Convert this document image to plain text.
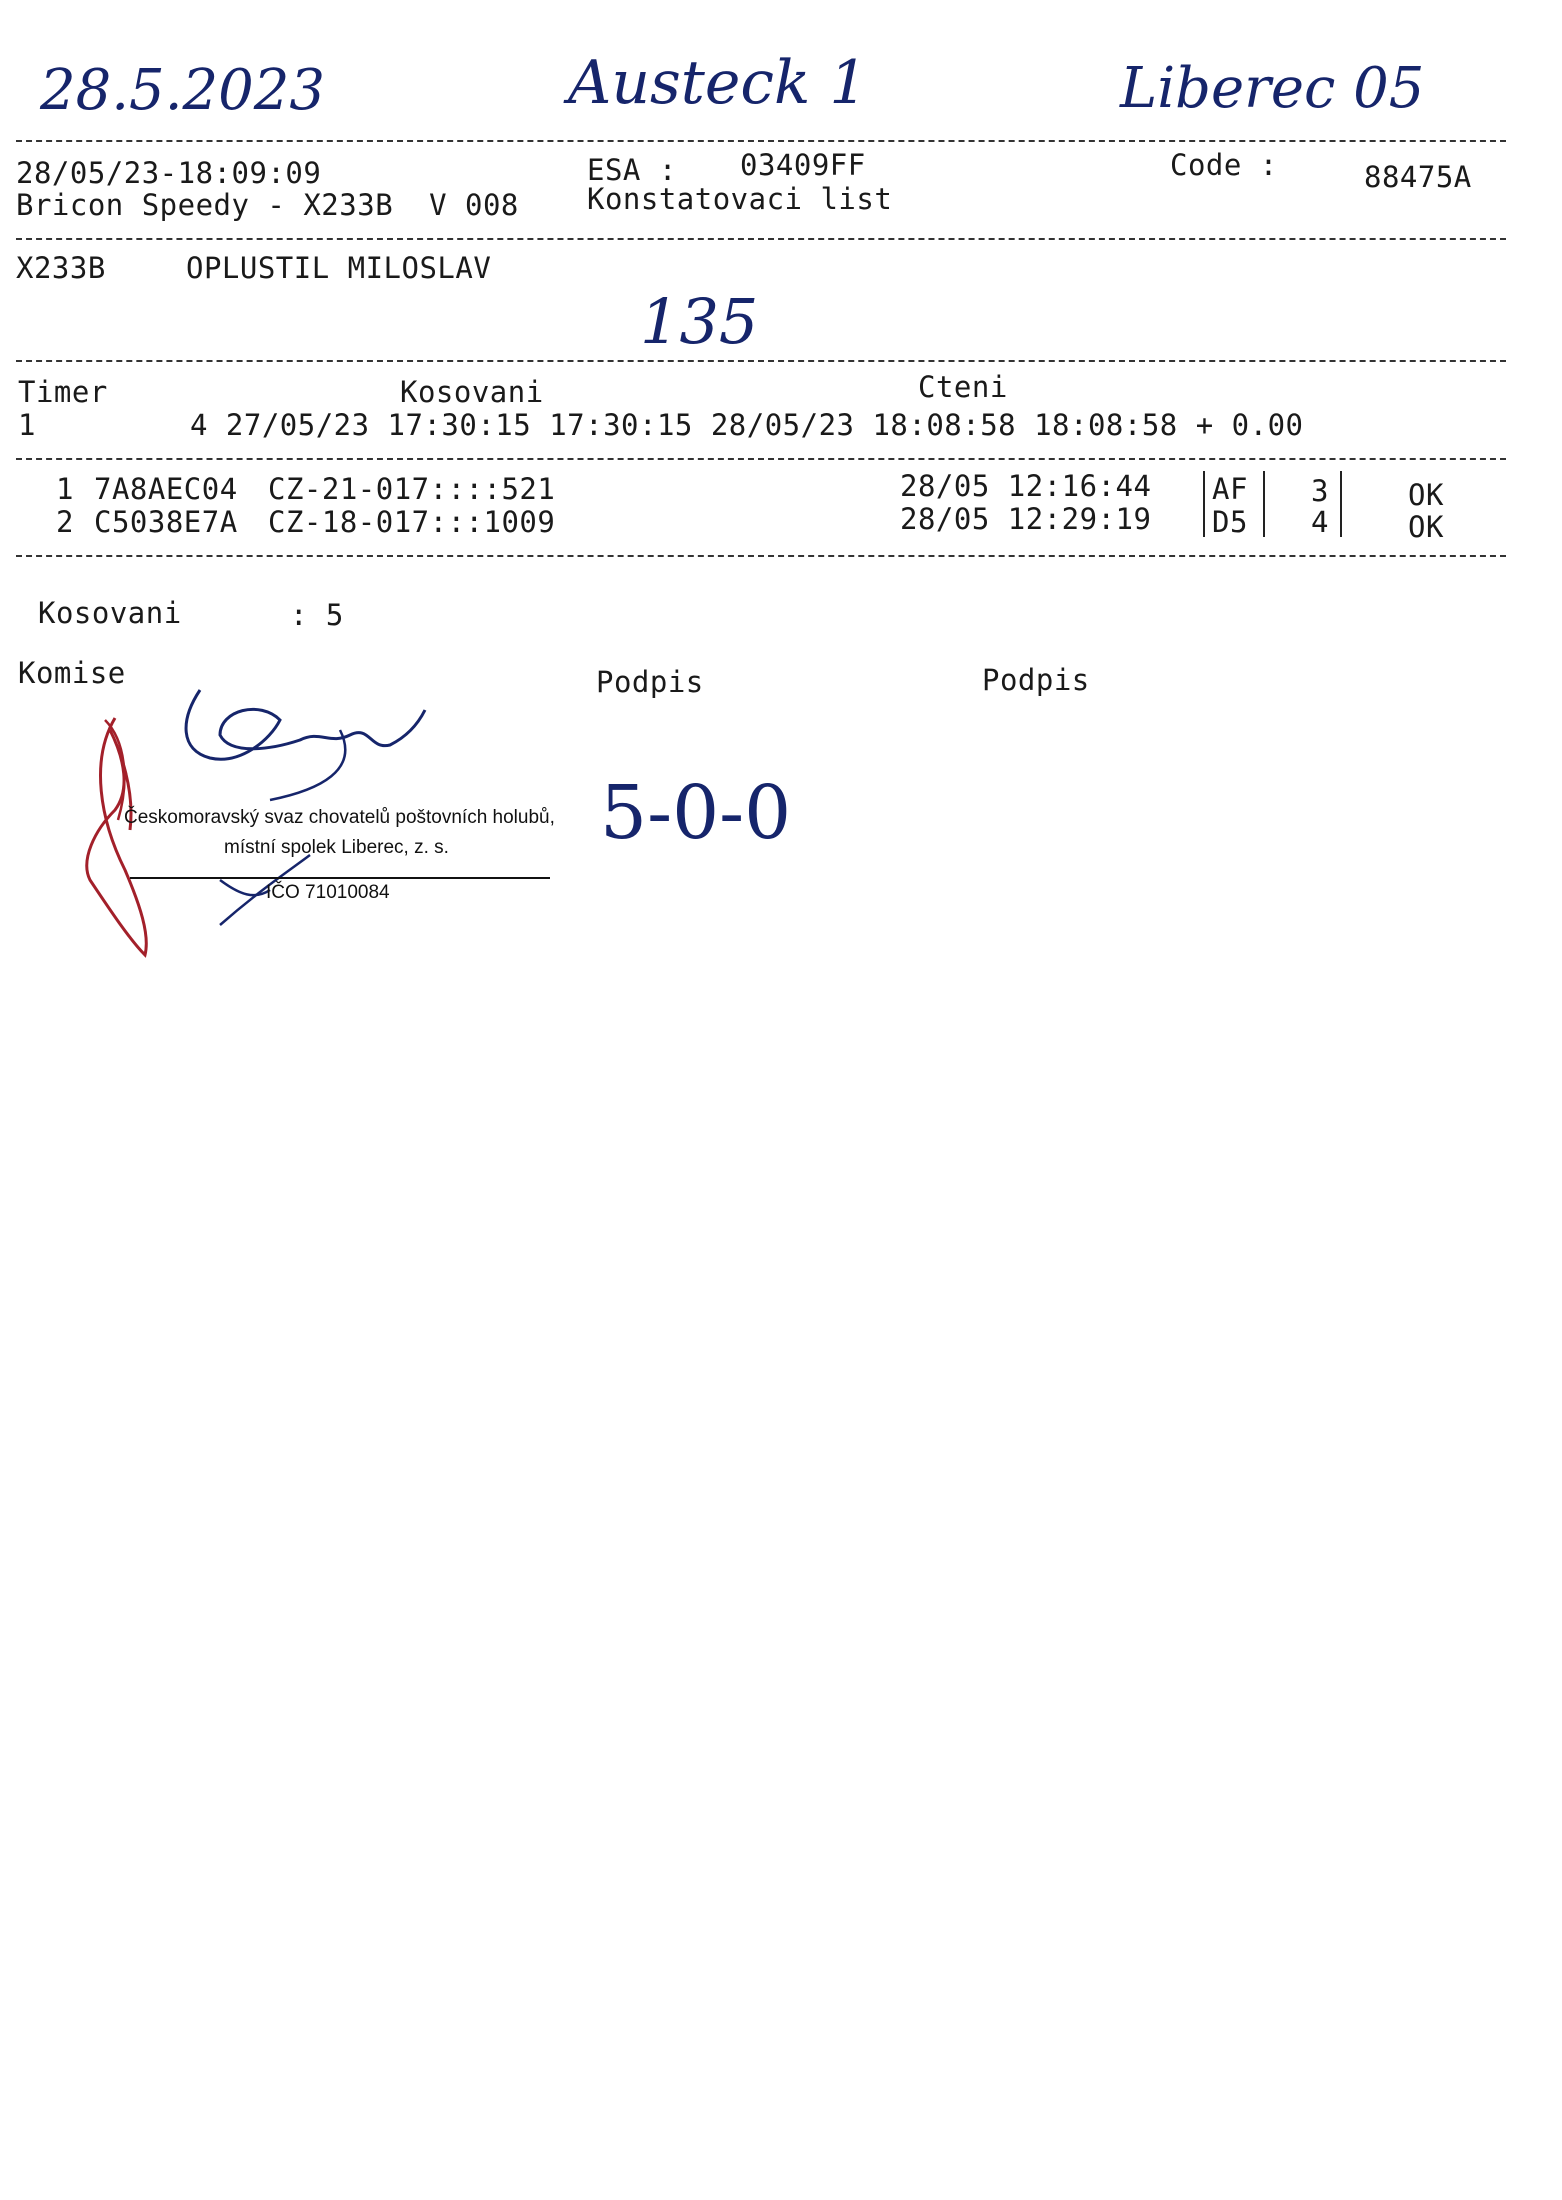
28.5.2023	Austeck 1	Liberec 05
28/05/23-18:09:09
Bricon Speedy - X233B  V 008
ESA : 03409FF
Konstatovaci list
Code :	88475A
X233B	OPLUSTIL MILOSLAV
135
Timer	Kosovani	Cteni
1	4 27/05/23 17:30:15 17:30:15 28/05/23 18:08:58 18:08:58 + 0.00
1 7A8AEC04 CZ-21-017::::521	28/05 12:16:44 AF 3	OK
2 C5038E7A CZ-18-017:::1009	28/05 12:29:19 D5 4	OK
Kosovani	: 5
Komise	Podpis	Podpis
Českomoravský svaz chovatelů poštovních holubů,
místní spolek Liberec, z. s.
IČO 71010084
5-0-0
